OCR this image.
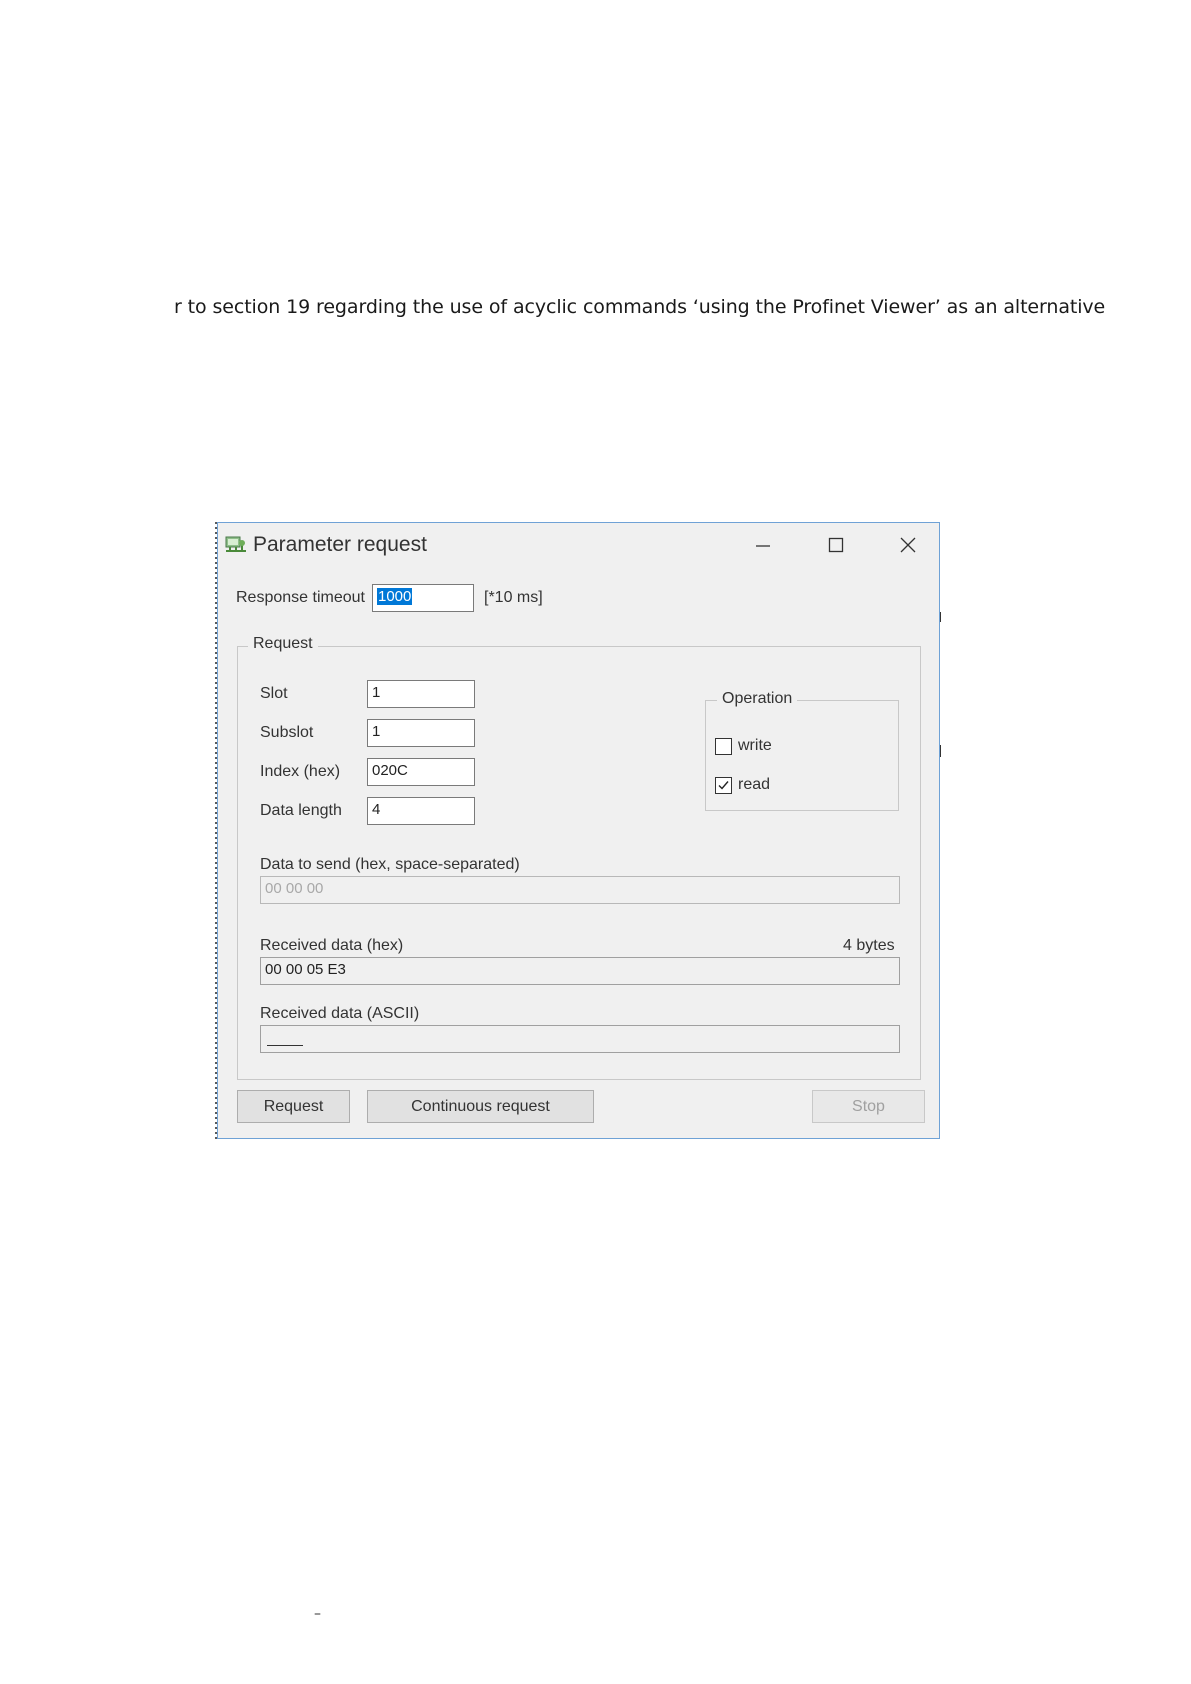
r to section 19 regarding the use of acyclic commands ‘using the Profinet Viewer’ as an alternative
Parameter request
Response timeout 1000	[*10 ms]
Request
Slot	1
Subslot	1
Index (hex)	020C
Data length	4
Operation
write
read
Data to send (hex, space-separated)
00 00 00
Received data (hex)	4 bytes
00 00 05 E3
Received data (ASCII)
Request	Continuous request	Stop
–
